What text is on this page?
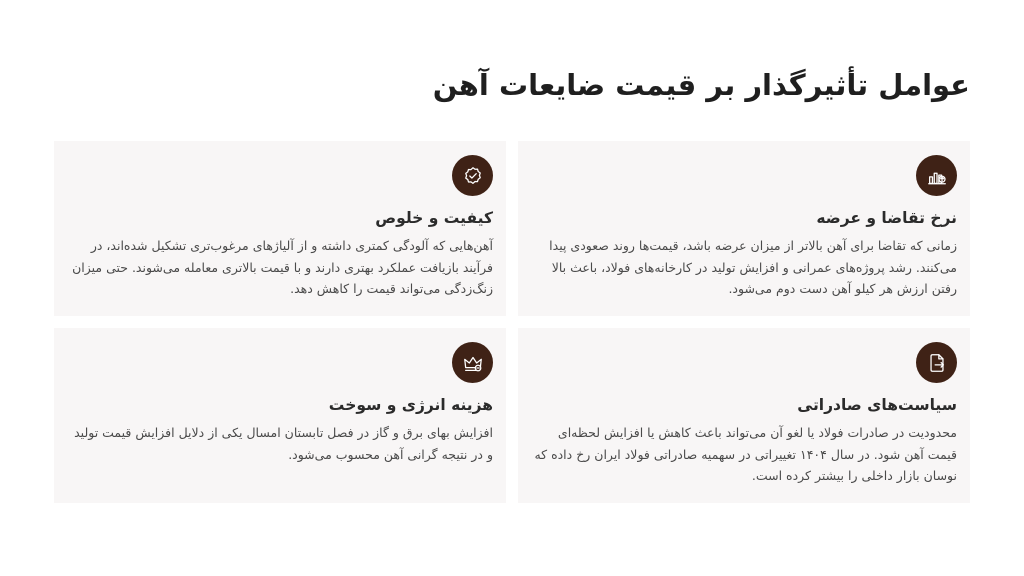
عوامل تأثیرگذار بر قیمت ضایعات آهن
نرخ تقاضا و عرضه

زمانی که تقاضا برای آهن بالاتر از میزان عرضه باشد، قیمت‌ها روند صعودی پیدا می‌کنند. رشد پروژه‌های عمرانی و افزایش تولید در کارخانه‌های فولاد، باعث بالا رفتن ارزش هر کیلو آهن دست دوم می‌شود.

کیفیت و خلوص

آهن‌هایی که آلودگی کمتری داشته و از آلیاژهای مرغوب‌تری تشکیل شده‌اند، در فرآیند بازیافت عملکرد بهتری دارند و با قیمت بالاتری معامله می‌شوند. حتی میزان زنگ‌زدگی می‌تواند قیمت را کاهش دهد.

سیاست‌های صادراتی

محدودیت در صادرات فولاد یا لغو آن می‌تواند باعث کاهش یا افزایش لحظه‌ای قیمت آهن شود. در سال ۱۴۰۴ تغییراتی در سهمیه صادراتی فولاد ایران رخ داده که نوسان بازار داخلی را بیشتر کرده است.

هزینه انرژی و سوخت

افزایش بهای برق و گاز در فصل تابستان امسال یکی از دلایل افزایش قیمت تولید و در نتیجه گرانی آهن محسوب می‌شود.
